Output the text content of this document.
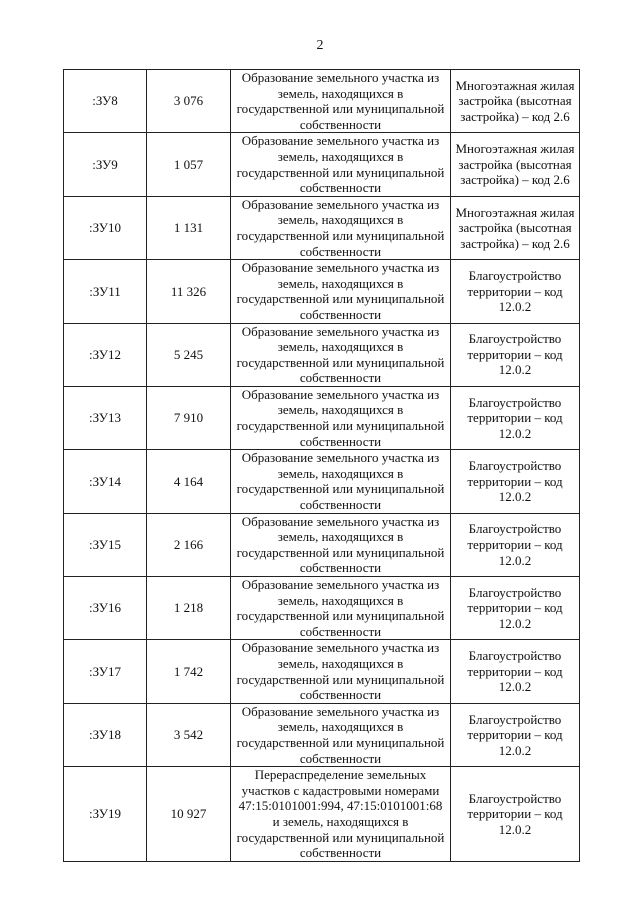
2
:ЗУ8	3 076	Образование земельного участка из земель, находящихся в государственной или муниципальной собственности	Многоэтажная жилая застройка (высотная застройка) – код 2.6
:ЗУ9	1 057	Образование земельного участка из земель, находящихся в государственной или муниципальной собственности	Многоэтажная жилая застройка (высотная застройка) – код 2.6
:ЗУ10	1 131	Образование земельного участка из земель, находящихся в государственной или муниципальной собственности	Многоэтажная жилая застройка (высотная застройка) – код 2.6
:ЗУ11	11 326	Образование земельного участка из земель, находящихся в государственной или муниципальной собственности	Благоустройство территории – код 12.0.2
:ЗУ12	5 245	Образование земельного участка из земель, находящихся в государственной или муниципальной собственности	Благоустройство территории – код 12.0.2
:ЗУ13	7 910	Образование земельного участка из земель, находящихся в государственной или муниципальной собственности	Благоустройство территории – код 12.0.2
:ЗУ14	4 164	Образование земельного участка из земель, находящихся в государственной или муниципальной собственности	Благоустройство территории – код 12.0.2
:ЗУ15	2 166	Образование земельного участка из земель, находящихся в государственной или муниципальной собственности	Благоустройство территории – код 12.0.2
:ЗУ16	1 218	Образование земельного участка из земель, находящихся в государственной или муниципальной собственности	Благоустройство территории – код 12.0.2
:ЗУ17	1 742	Образование земельного участка из земель, находящихся в государственной или муниципальной собственности	Благоустройство территории – код 12.0.2
:ЗУ18	3 542	Образование земельного участка из земель, находящихся в государственной или муниципальной собственности	Благоустройство территории – код 12.0.2
:ЗУ19	10 927	Перераспределение земельных участков с кадастровыми номерами 47:15:0101001:994, 47:15:0101001:68 и земель, находящихся в государственной или муниципальной собственности	Благоустройство территории – код 12.0.2
